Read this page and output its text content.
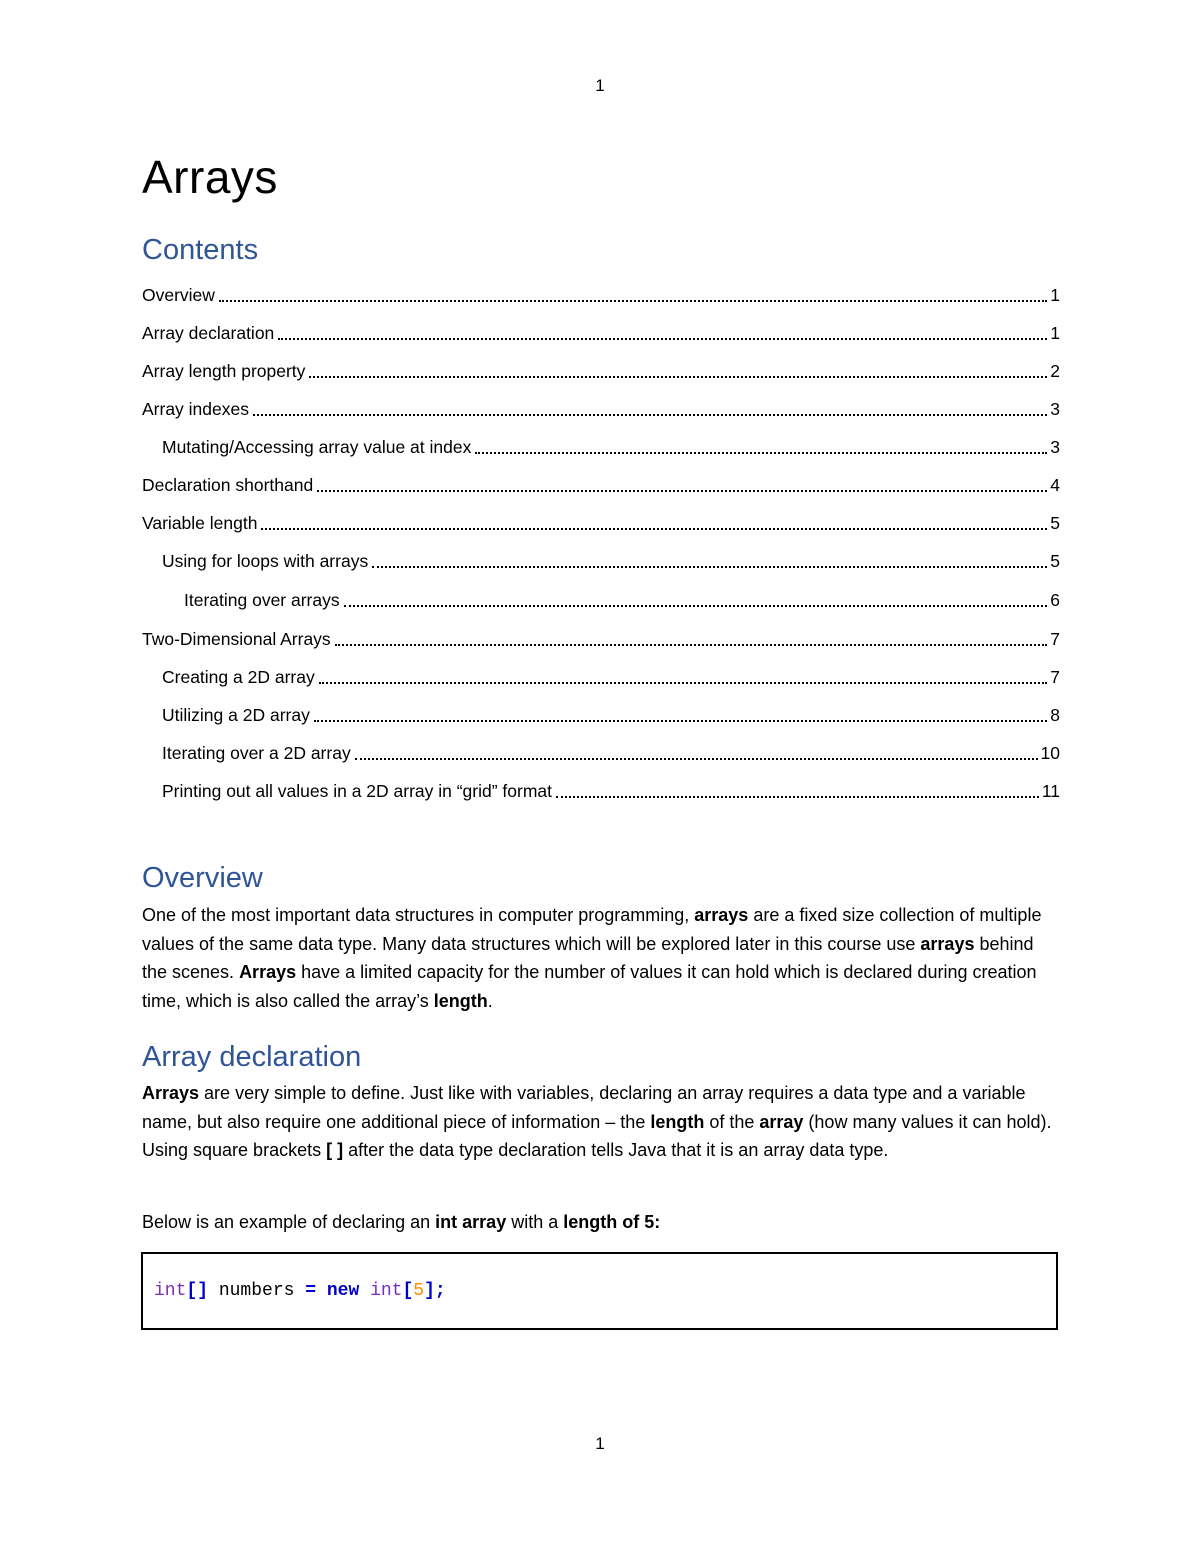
1
Arrays
Contents
Overview	1
Array declaration	1
Array length property	2
Array indexes	3
Mutating/Accessing array value at index	3
Declaration shorthand	4
Variable length	5
Using for loops with arrays	5
Iterating over arrays	6
Two-Dimensional Arrays	7
Creating a 2D array	7
Utilizing a 2D array	8
Iterating over a 2D array	10
Printing out all values in a 2D array in “grid” format	11
Overview

One of the most important data structures in computer programming, arrays are a fixed size collection of multiple values of the same data type. Many data structures which will be explored later in this course use arrays behind the scenes. Arrays have a limited capacity for the number of values it can hold which is declared during creation time, which is also called the array’s length.

Array declaration

Arrays are very simple to define. Just like with variables, declaring an array requires a data type and a variable name, but also require one additional piece of information – the length of the array (how many values it can hold). Using square brackets [ ] after the data type declaration tells Java that it is an array data type.

Below is an example of declaring an int array with a length of 5:

int[] numbers = new int[5];
1
